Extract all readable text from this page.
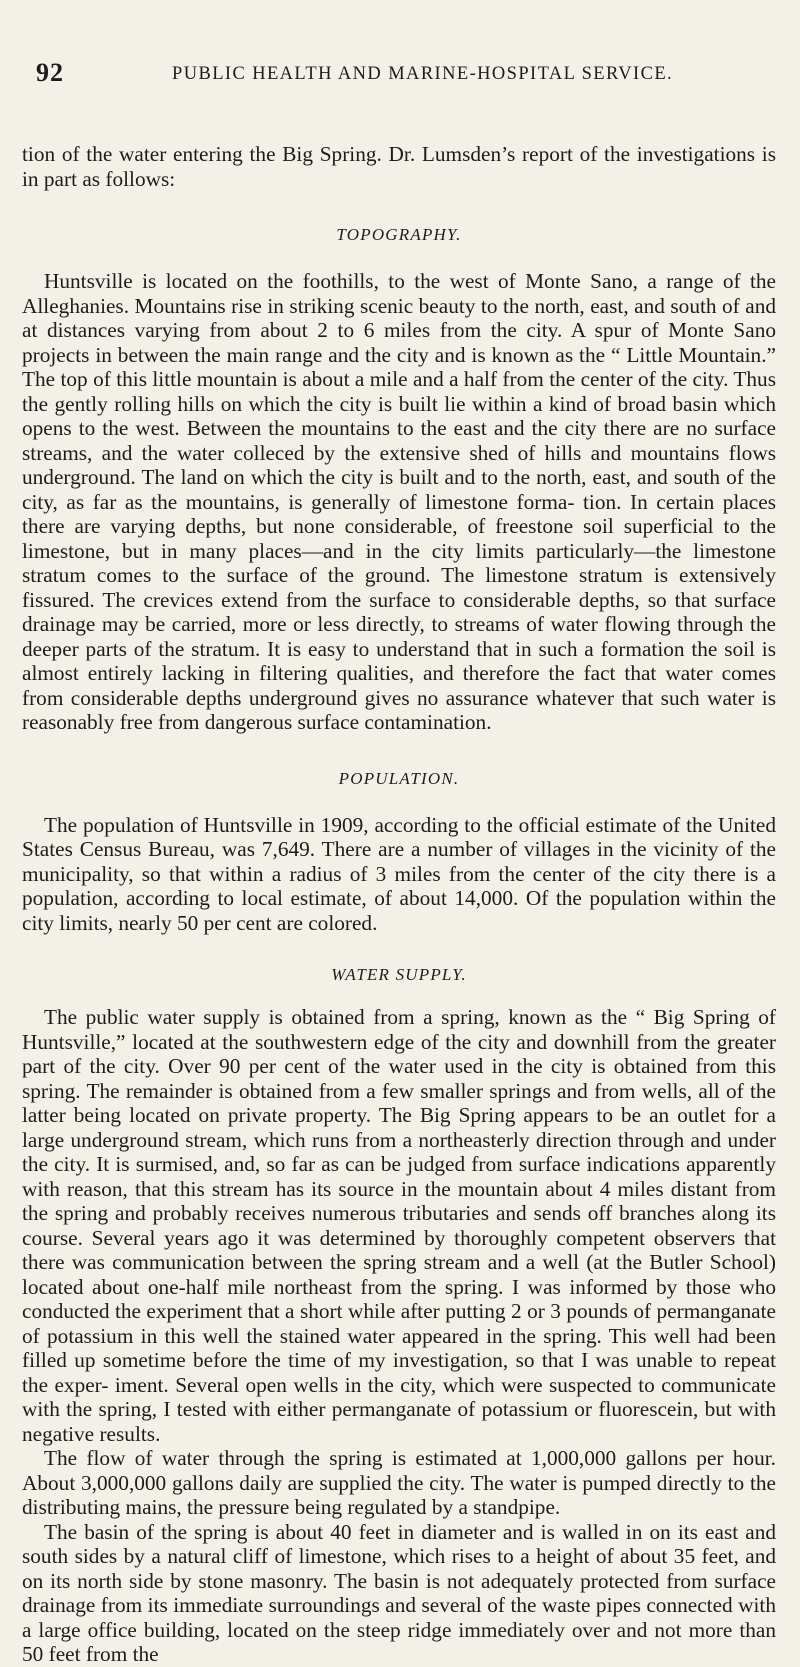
92	PUBLIC HEALTH AND MARINE-HOSPITAL SERVICE.

tion of the water entering the Big Spring. Dr. Lumsden’s report of the investigations is in part as follows:

TOPOGRAPHY.

Huntsville is located on the foothills, to the west of Monte Sano, a range of the Alleghanies. Mountains rise in striking scenic beauty to the north, east, and south of and at distances varying from about 2 to 6 miles from the city. A spur of Monte Sano projects in between the main range and the city and is known as the “ Little Mountain.” The top of this little mountain is about a mile and a half from the center of the city. Thus the gently rolling hills on which the city is built lie within a kind of broad basin which opens to the west. Between the mountains to the east and the city there are no surface streams, and the water colleced by the extensive shed of hills and mountains flows underground. The land on which the city is built and to the north, east, and south of the city, as far as the mountains, is generally of limestone forma- tion. In certain places there are varying depths, but none considerable, of freestone soil superficial to the limestone, but in many places—and in the city limits particularly—the limestone stratum comes to the surface of the ground. The limestone stratum is extensively fissured. The crevices extend from the surface to considerable depths, so that surface drainage may be carried, more or less directly, to streams of water flowing through the deeper parts of the stratum. It is easy to understand that in such a formation the soil is almost entirely lacking in filtering qualities, and therefore the fact that water comes from considerable depths underground gives no assurance whatever that such water is reasonably free from dangerous surface contamination.

POPULATION.

The population of Huntsville in 1909, according to the official estimate of the United States Census Bureau, was 7,649. There are a number of villages in the vicinity of the municipality, so that within a radius of 3 miles from the center of the city there is a population, according to local estimate, of about 14,000. Of the population within the city limits, nearly 50 per cent are colored.

WATER SUPPLY.

The public water supply is obtained from a spring, known as the “ Big Spring of Huntsville,” located at the southwestern edge of the city and downhill from the greater part of the city. Over 90 per cent of the water used in the city is obtained from this spring. The remainder is obtained from a few smaller springs and from wells, all of the latter being located on private property. The Big Spring appears to be an outlet for a large underground stream, which runs from a northeasterly direction through and under the city. It is surmised, and, so far as can be judged from surface indications apparently with reason, that this stream has its source in the mountain about 4 miles distant from the spring and probably receives numerous tributaries and sends off branches along its course. Several years ago it was determined by thoroughly competent observers that there was communication between the spring stream and a well (at the Butler School) located about one-half mile northeast from the spring. I was informed by those who conducted the experiment that a short while after putting 2 or 3 pounds of permanganate of potassium in this well the stained water appeared in the spring. This well had been filled up sometime before the time of my investigation, so that I was unable to repeat the exper- iment. Several open wells in the city, which were suspected to communicate with the spring, I tested with either permanganate of potassium or fluorescein, but with negative results.

The flow of water through the spring is estimated at 1,000,000 gallons per hour. About 3,000,000 gallons daily are supplied the city. The water is pumped directly to the distributing mains, the pressure being regulated by a standpipe.

The basin of the spring is about 40 feet in diameter and is walled in on its east and south sides by a natural cliff of limestone, which rises to a height of about 35 feet, and on its north side by stone masonry. The basin is not adequately protected from surface drainage from its immediate surroundings and several of the waste pipes connected with a large office building, located on the steep ridge immediately over and not more than 50 feet from the
